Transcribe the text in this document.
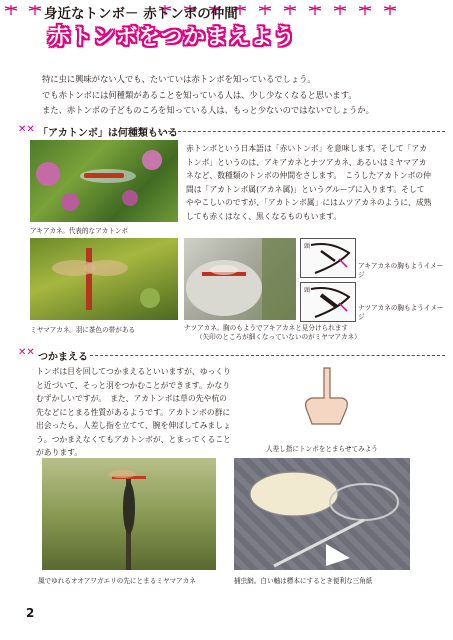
身近なトンボ－ 赤トンボの仲間
赤トンボをつかまえよう

特に虫に興味がない人でも、たいていは赤トンボを知っているでしょう。

でも赤トンボには何種類があることを知っている人は、少し少なくなると思います。

また、赤トンボの子どものころを知っている人は、もっと少ないのではないでしょうか。

✕✕ 「アカトンボ」は何種類もいる
アキアカネ。代表的なアカトンボ
赤トンボという日本語は「赤いトンボ」を意味します。そして「アカトンボ」というのは、アキアカネとナツアカネ、あるいはミヤマアカネなど、数種類のトンボの仲間をさします。　こうしたアカトンボの仲間は「アカトンボ属(アカネ属)」というグループに入ります。そしてややこしいのですが、「アカトンボ属」にはムツアカネのように、成熟しても赤くはなく、黒くなるものもいます。
ミヤマアカネ。羽に茶色の帯がある	ナツアカネ。胸のもようでアキアカネと見分けられます
（矢印のところが細くなっていないのがミヤマアカネ）
頭
アキアカネの胸もようイメージ
頭
ナツアカネの胸もようイメージ
✕✕ つかまえる
トンボは目を回してつかまえるといいますが、ゆっくりと近づいて、そっと羽をつかむことができます。かなりむずかしいですが。　また、アカトンボは草の先や杭の先などにとまる性質があるようです。アカトンボの群に出会ったら、人差し指を立てて、腕を伸ばしてみましょう。つかまえなくてもアカトンボが、とまってくることがあります。	人差し指にトンボをとまらせてみよう
風でゆれるオオアワガエリの先にとまるミヤマアカネ	捕虫網。白い軸は標本にするとき便利な三角紙
2
